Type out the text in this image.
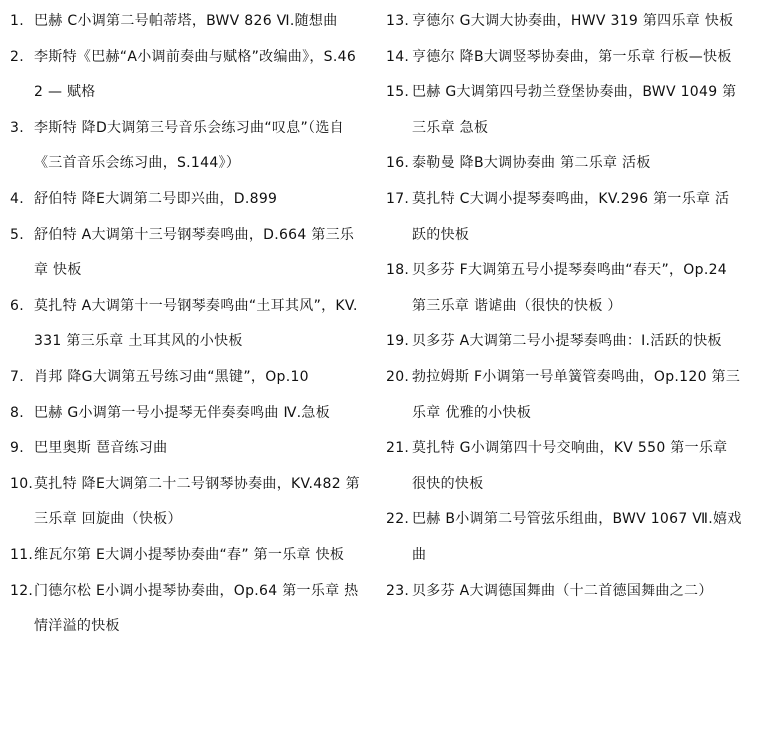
1. 巴赫 C小调第二号帕蒂塔，BWV 826 Ⅵ.随想曲
2. 李斯特《巴赫“A小调前奏曲与赋格”改编曲》，S.462 — 赋格
3. 李斯特 降D大调第三号音乐会练习曲“叹息”（选自《三首音乐会练习曲，S.144》）
4. 舒伯特 降E大调第二号即兴曲，D.899
5. 舒伯特 A大调第十三号钢琴奏鸣曲，D.664 第三乐章 快板
6. 莫扎特 A大调第十一号钢琴奏鸣曲“土耳其风”，KV.331 第三乐章 土耳其风的小快板
7. 肖邦 降G大调第五号练习曲“黑键”，Op.10
8. 巴赫 G小调第一号小提琴无伴奏奏鸣曲 Ⅳ.急板
9. 巴里奥斯 琶音练习曲
10. 莫扎特 降E大调第二十二号钢琴协奏曲，KV.482 第三乐章 回旋曲（快板）
11. 维瓦尔第 E大调小提琴协奏曲“春” 第一乐章 快板
12. 门德尔松 E小调小提琴协奏曲，Op.64 第一乐章 热情洋溢的快板
13. 亨德尔 G大调大协奏曲，HWV 319 第四乐章 快板
14. 亨德尔 降B大调竖琴协奏曲，第一乐章 行板—快板
15. 巴赫 G大调第四号勃兰登堡协奏曲，BWV 1049 第三乐章 急板
16. 泰勒曼 降B大调协奏曲 第二乐章 活板
17. 莫扎特 C大调小提琴奏鸣曲，KV.296 第一乐章 活跃的快板
18. 贝多芬 F大调第五号小提琴奏鸣曲“春天”，Op.24 第三乐章 谐谑曲（很快的快板 ）
19. 贝多芬 A大调第二号小提琴奏鸣曲：Ⅰ.活跃的快板
20. 勃拉姆斯 F小调第一号单簧管奏鸣曲，Op.120 第三乐章 优雅的小快板
21. 莫扎特 G小调第四十号交响曲，KV 550 第一乐章 很快的快板
22. 巴赫 B小调第二号管弦乐组曲，BWV 1067 Ⅶ.嬉戏曲
23. 贝多芬 A大调德国舞曲（十二首德国舞曲之二）
